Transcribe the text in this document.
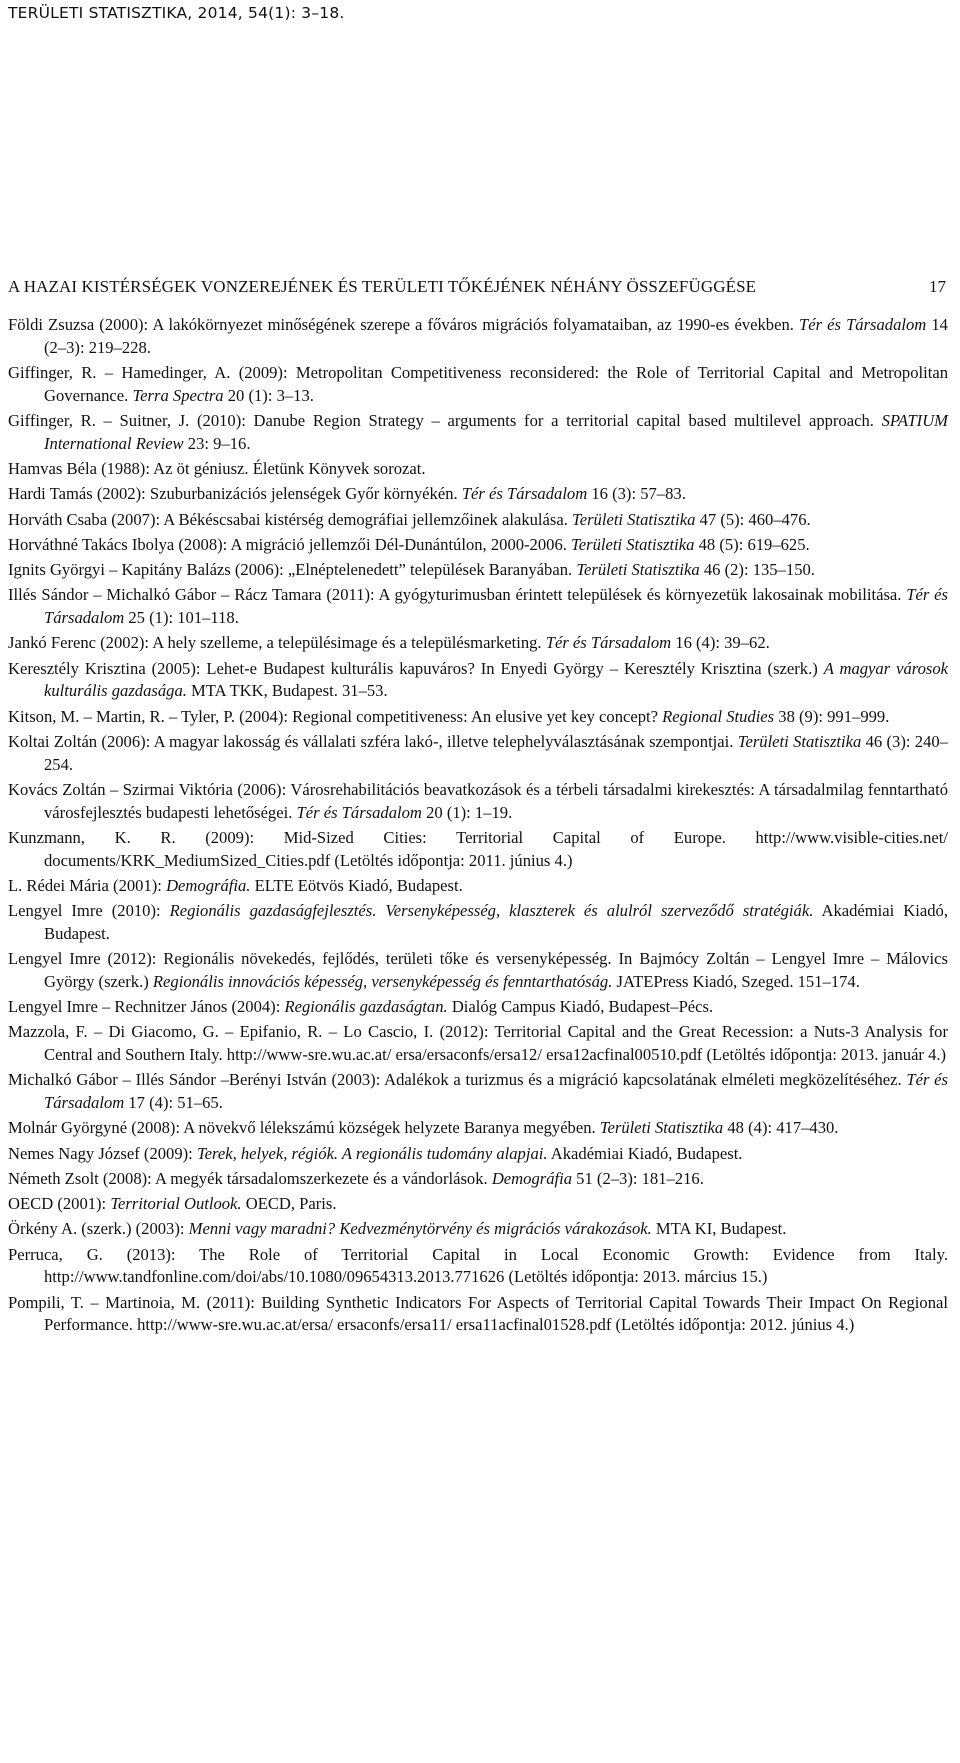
TERÜLETI STATISZTIKA, 2014, 54(1): 3–18.
A HAZAI KISTÉRSÉGEK VONZEREJÉNEK ÉS TERÜLETI TŐKÉJÉNEK NÉHÁNY ÖSSZEFÜGGÉSE	17

Földi Zsuzsa (2000): A lakókörnyezet minőségének szerepe a főváros migrációs folyamataiban, az 1990-es években. Tér és Társadalom 14 (2–3): 219–228.

Giffinger, R. – Hamedinger, A. (2009): Metropolitan Competitiveness reconsidered: the Role of Territorial Capital and Metropolitan Governance. Terra Spectra 20 (1): 3–13.

Giffinger, R. – Suitner, J. (2010): Danube Region Strategy – arguments for a territorial capital based multilevel approach. SPATIUM International Review 23: 9–16.

Hamvas Béla (1988): Az öt géniusz. Életünk Könyvek sorozat.

Hardi Tamás (2002): Szuburbanizációs jelenségek Győr környékén. Tér és Társadalom 16 (3): 57–83.

Horváth Csaba (2007): A Békéscsabai kistérség demográfiai jellemzőinek alakulása. Területi Statisztika 47 (5): 460–476.

Horváthné Takács Ibolya (2008): A migráció jellemzői Dél-Dunántúlon, 2000-2006. Területi Statisztika 48 (5): 619–625.

Ignits Györgyi – Kapitány Balázs (2006): „Elnéptelenedett” települések Baranyában. Területi Statisztika 46 (2): 135–150.

Illés Sándor – Michalkó Gábor – Rácz Tamara (2011): A gyógyturimusban érintett települések és környezetük lakosainak mobilitása. Tér és Társadalom 25 (1): 101–118.

Jankó Ferenc (2002): A hely szelleme, a településimage és a településmarketing. Tér és Társadalom 16 (4): 39–62.

Keresztély Krisztina (2005): Lehet-e Budapest kulturális kapuváros? In Enyedi György – Keresztély Krisztina (szerk.) A magyar városok kulturális gazdasága. MTA TKK, Budapest. 31–53.

Kitson, M. – Martin, R. – Tyler, P. (2004): Regional competitiveness: An elusive yet key concept? Regional Studies 38 (9): 991–999.

Koltai Zoltán (2006): A magyar lakosság és vállalati szféra lakó-, illetve telephelyválasztásának szempontjai. Területi Statisztika 46 (3): 240–254.

Kovács Zoltán – Szirmai Viktória (2006): Városrehabilitációs beavatkozások és a térbeli társadalmi kirekesztés: A társadalmilag fenntartható városfejlesztés budapesti lehetőségei. Tér és Társadalom 20 (1): 1–19.

Kunzmann, K. R. (2009): Mid-Sized Cities: Territorial Capital of Europe. http://www.visible-cities.net/ documents/KRK_MediumSized_Cities.pdf (Letöltés időpontja: 2011. június 4.)

L. Rédei Mária (2001): Demográfia. ELTE Eötvös Kiadó, Budapest.

Lengyel Imre (2010): Regionális gazdaságfejlesztés. Versenyképesség, klaszterek és alulról szerveződő stratégiák. Akadémiai Kiadó, Budapest.

Lengyel Imre (2012): Regionális növekedés, fejlődés, területi tőke és versenyképesség. In Bajmócy Zoltán – Lengyel Imre – Málovics György (szerk.) Regionális innovációs képesség, versenyképesség és fenntarthatóság. JATEPress Kiadó, Szeged. 151–174.

Lengyel Imre – Rechnitzer János (2004): Regionális gazdaságtan. Dialóg Campus Kiadó, Budapest–Pécs.

Mazzola, F. – Di Giacomo, G. – Epifanio, R. – Lo Cascio, I. (2012): Territorial Capital and the Great Recession: a Nuts-3 Analysis for Central and Southern Italy. http://www-sre.wu.ac.at/ ersa/ersaconfs/ersa12/ ersa12acfinal00510.pdf (Letöltés időpontja: 2013. január 4.)

Michalkó Gábor – Illés Sándor –Berényi István (2003): Adalékok a turizmus és a migráció kapcsolatának elméleti megközelítéséhez. Tér és Társadalom 17 (4): 51–65.

Molnár Györgyné (2008): A növekvő lélekszámú községek helyzete Baranya megyében. Területi Statisztika 48 (4): 417–430.

Nemes Nagy József (2009): Terek, helyek, régiók. A regionális tudomány alapjai. Akadémiai Kiadó, Budapest.

Németh Zsolt (2008): A megyék társadalomszerkezete és a vándorlások. Demográfia 51 (2–3): 181–216.

OECD (2001): Territorial Outlook. OECD, Paris.

Örkény A. (szerk.) (2003): Menni vagy maradni? Kedvezménytörvény és migrációs várakozások. MTA KI, Budapest.

Perruca, G. (2013): The Role of Territorial Capital in Local Economic Growth: Evidence from Italy. http://www.tandfonline.com/doi/abs/10.1080/09654313.2013.771626 (Letöltés időpontja: 2013. március 15.)

Pompili, T. – Martinoia, M. (2011): Building Synthetic Indicators For Aspects of Territorial Capital Towards Their Impact On Regional Performance. http://www-sre.wu.ac.at/ersa/ ersaconfs/ersa11/ ersa11acfinal01528.pdf (Letöltés időpontja: 2012. június 4.)
